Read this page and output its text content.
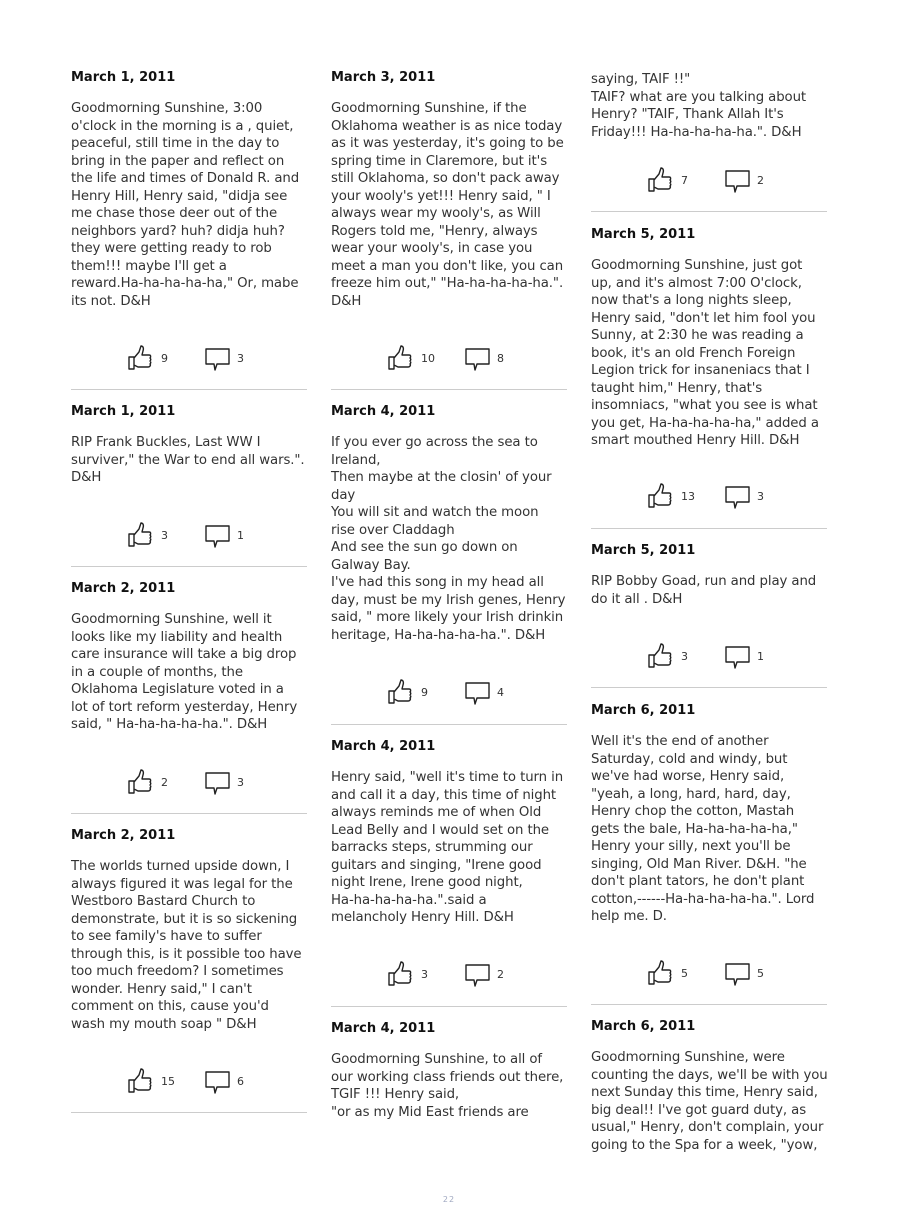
March 1, 2011
Goodmorning Sunshine, 3:00
o'clock in the morning is a , quiet,
peaceful, still time in the day to
bring in the paper and reflect on
the life and times of Donald R. and
Henry Hill, Henry said, "didja see
me chase those deer out of the
neighbors yard? huh? didja huh?
they were getting ready to rob
them!!! maybe I'll get a
reward.Ha-ha-ha-ha-ha," Or, mabe
its not. D&H
9	3
March 1, 2011
RIP Frank Buckles, Last WW I
surviver," the War to end all wars.".
D&H
3	1
March 2, 2011
Goodmorning Sunshine, well it
looks like my liability and health
care insurance will take a big drop
in a couple of months, the
Oklahoma Legislature voted in a
lot of tort reform yesterday, Henry
said, " Ha-ha-ha-ha-ha.". D&H
2	3
March 2, 2011
The worlds turned upside down, I
always figured it was legal for the
Westboro Bastard Church to
demonstrate, but it is so sickening
to see family's have to suffer
through this, is it possible too have
too much freedom? I sometimes
wonder. Henry said," I can't
comment on this, cause you'd
wash my mouth soap " D&H
15	6
March 3, 2011
Goodmorning Sunshine, if the
Oklahoma weather is as nice today
as it was yesterday, it's going to be
spring time in Claremore, but it's
still Oklahoma, so don't pack away
your wooly's yet!!! Henry said, " I
always wear my wooly's, as Will
Rogers told me, "Henry, always
wear your wooly's, in case you
meet a man you don't like, you can
freeze him out," "Ha-ha-ha-ha-ha.".
D&H
10	8
March 4, 2011
If you ever go across the sea to
Ireland,
Then maybe at the closin' of your
day
You will sit and watch the moon
rise over Claddagh
And see the sun go down on
Galway Bay.
I've had this song in my head all
day, must be my Irish genes, Henry
said, " more likely your Irish drinkin
heritage, Ha-ha-ha-ha-ha.". D&H
9	4
March 4, 2011
Henry said, "well it's time to turn in
and call it a day, this time of night
always reminds me of when Old
Lead Belly and I would set on the
barracks steps, strumming our
guitars and singing, "Irene good
night Irene, Irene good night,
Ha-ha-ha-ha-ha.".said a
melancholy Henry Hill. D&H
3	2
March 4, 2011
Goodmorning Sunshine, to all of
our working class friends out there,
TGIF !!! Henry said,
"or as my Mid East friends are
saying, TAIF !!"
TAIF? what are you talking about
Henry? "TAIF, Thank Allah It's
Friday!!! Ha-ha-ha-ha-ha.". D&H
7	2
March 5, 2011
Goodmorning Sunshine, just got
up, and it's almost 7:00 O'clock,
now that's a long nights sleep,
Henry said, "don't let him fool you
Sunny, at 2:30 he was reading a
book, it's an old French Foreign
Legion trick for insaneniacs that I
taught him," Henry, that's
insomniacs, "what you see is what
you get, Ha-ha-ha-ha-ha," added a
smart mouthed Henry Hill. D&H
13	3
March 5, 2011
RIP Bobby Goad, run and play and
do it all . D&H
3	1
March 6, 2011
Well it's the end of another
Saturday, cold and windy, but
we've had worse, Henry said,
"yeah, a long, hard, hard, day,
Henry chop the cotton, Mastah
gets the bale, Ha-ha-ha-ha-ha,"
Henry your silly, next you'll be
singing, Old Man River. D&H. "he
don't plant tators, he don't plant
cotton,------Ha-ha-ha-ha-ha.". Lord
help me. D.
5	5
March 6, 2011
Goodmorning Sunshine, were
counting the days, we'll be with you
next Sunday this time, Henry said,
big deal!! I've got guard duty, as
usual," Henry, don't complain, your
going to the Spa for a week, "yow,
22
